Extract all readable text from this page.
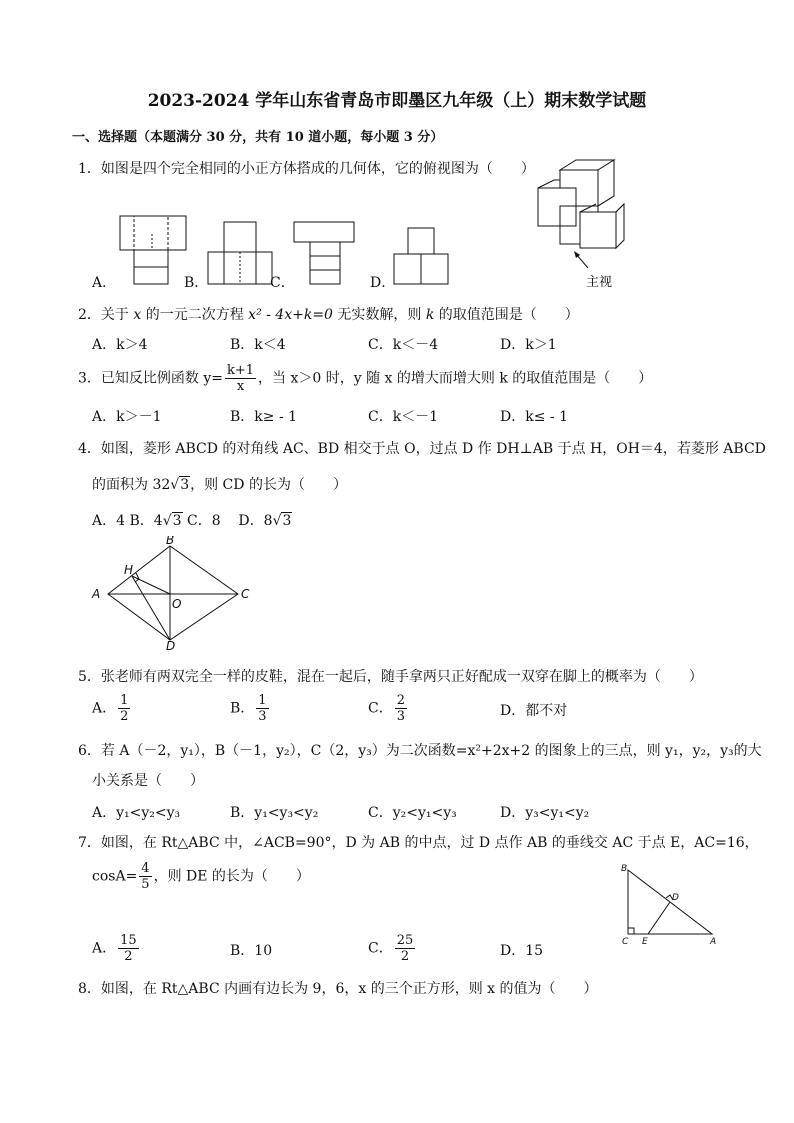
2023-2024 学年山东省青岛市即墨区九年级（上）期末数学试题
一、选择题（本题满分 30 分，共有 10 道小题，每小题 3 分）
1．如图是四个完全相同的小正方体搭成的几何体，它的俯视图为（　　）
A．	B．	C．	D．	主视
2．关于 x 的一元二次方程 x² - 4x+k=0 无实数解，则 k 的取值范围是（　　）
A．k＞4	B．k＜4	C．k＜－4	D．k＞1
3．已知反比例函数 $y= \frac{k+1}{x}$ ，当 x＞0 时，y 随 x 的增大而增大则 k 的取值范围是（　　）
A．k＞－1	B．k≥ - 1	C．k＜－1	D．k≤ - 1
4．如图，菱形 ABCD 的对角线 AC、BD 相交于点 O，过点 D 作 DH⊥AB 于点 H，OH＝4，若菱形 ABCD
的面积为 32√3，则 CD 的长为（　　）
A．4 B．4√3 C．8 D．8√3
A
B
C
D
H
O
5．张老师有两双完全一样的皮鞋，混在一起后，随手拿两只正好配成一双穿在脚上的概率为（　　）
A． $\frac{1}{2}$	B． $\frac{1}{3}$	C． $\frac{2}{3}$	D．都不对
6．若 A（－2，y₁），B（－1，y₂），C（2，y₃）为二次函数=x²+2x+2 的图象上的三点，则 y₁，y₂，y₃的大
小关系是（　　）
A．y₁<y₂<y₃	B．y₁<y₃<y₂	C．y₂<y₁<y₃	D．y₃<y₁<y₂
7．如图，在 Rt△ABC 中，∠ACB=90°，D 为 AB 的中点，过 D 点作 AB 的垂线交 AC 于点 E，AC=16，
$\cos A= \frac{4}{5}$ ，则 DE 的长为（　　）
A． $\frac{15}{2}$	B．10	C． $\frac{25}{2}$	D．15
B
D
C E	A
8．如图，在 Rt△ABC 内画有边长为 9，6，x 的三个正方形，则 x 的值为（　　）
